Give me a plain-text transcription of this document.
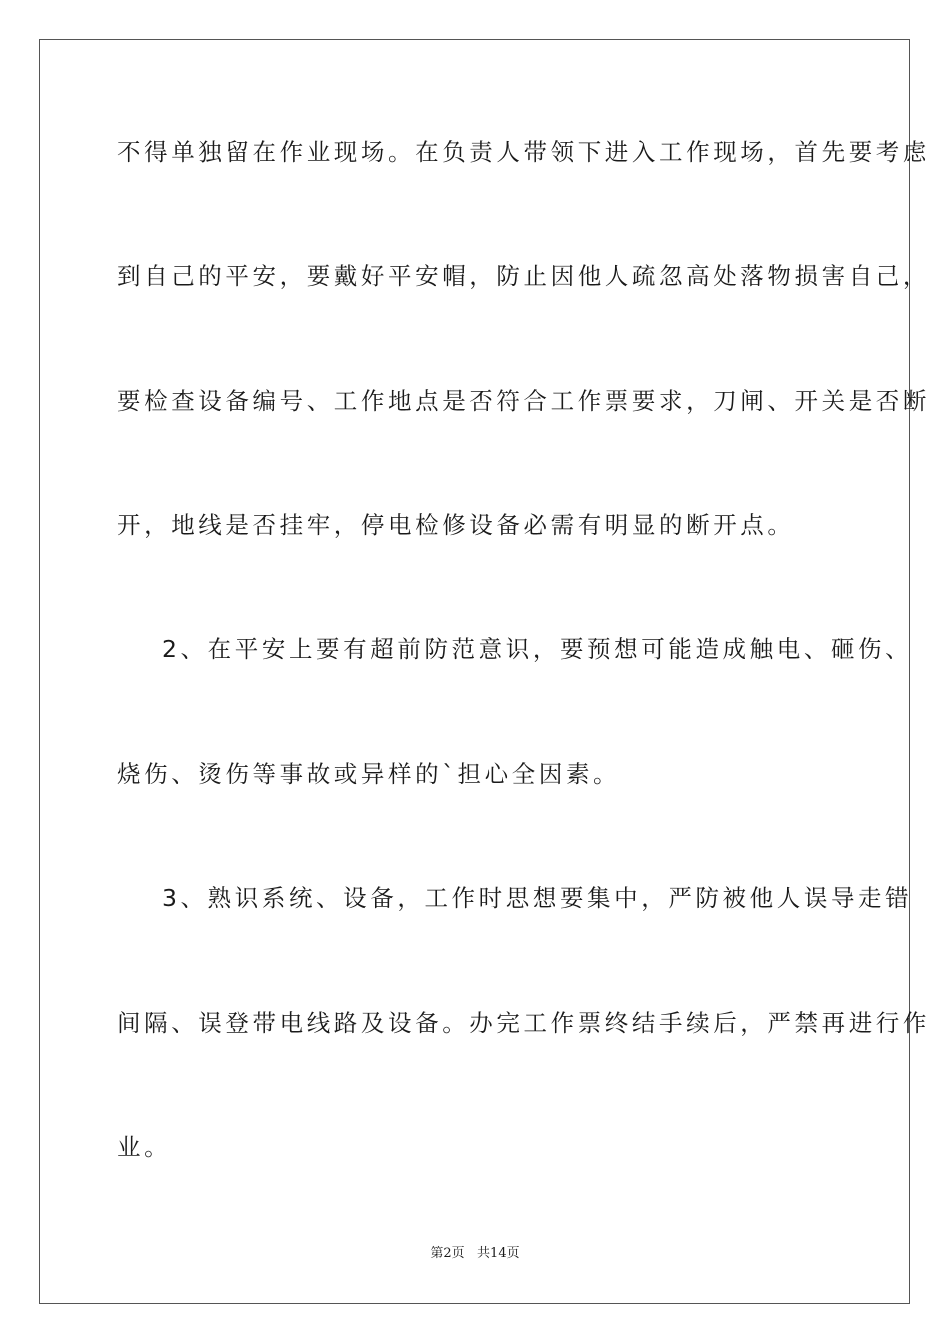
不得单独留在作业现场。在负责人带领下进入工作现场，首先要考虑
到自己的平安，要戴好平安帽，防止因他人疏忽高处落物损害自己，
要检查设备编号、工作地点是否符合工作票要求，刀闸、开关是否断
开，地线是否挂牢，停电检修设备必需有明显的断开点。
2、在平安上要有超前防范意识，要预想可能造成触电、砸伤、
烧伤、烫伤等事故或异样的`担心全因素。
3、熟识系统、设备，工作时思想要集中，严防被他人误导走错
间隔、误登带电线路及设备。办完工作票终结手续后，严禁再进行作
业。
第2页   共14页
